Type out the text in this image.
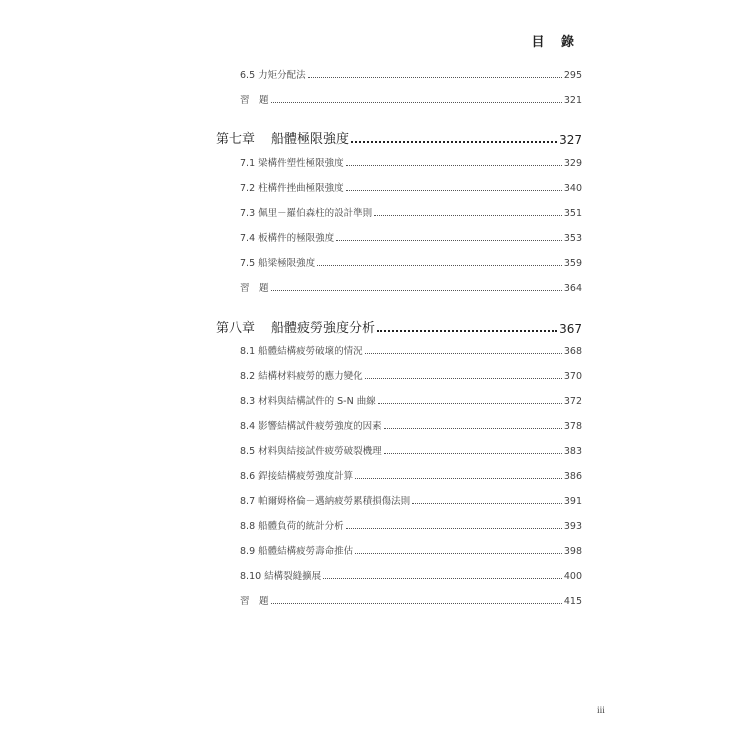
目 錄
6.5 力矩分配法	295
習　題	321
第七章 船體極限強度	327
7.1 梁構件塑性極限強度	329
7.2 柱構件挫曲極限強度	340
7.3 佩里－羅伯森柱的設計準則	351
7.4 板構件的極限強度	353
7.5 船梁極限強度	359
習　題	364
第八章 船體疲勞強度分析	367
8.1 船體結構疲勞破壞的情況	368
8.2 結構材料疲勞的應力變化	370
8.3 材料與結構試件的 S-N 曲線	372
8.4 影響結構試件疲勞強度的因素	378
8.5 材料與結接試件疲勞破裂機理	383
8.6 銲接結構疲勞強度計算	386
8.7 帕爾姆格倫－邁納疲勞累積損傷法則	391
8.8 船體負荷的統計分析	393
8.9 船體結構疲勞壽命推估	398
8.10 結構裂縫擴展	400
習　題	415
iii
